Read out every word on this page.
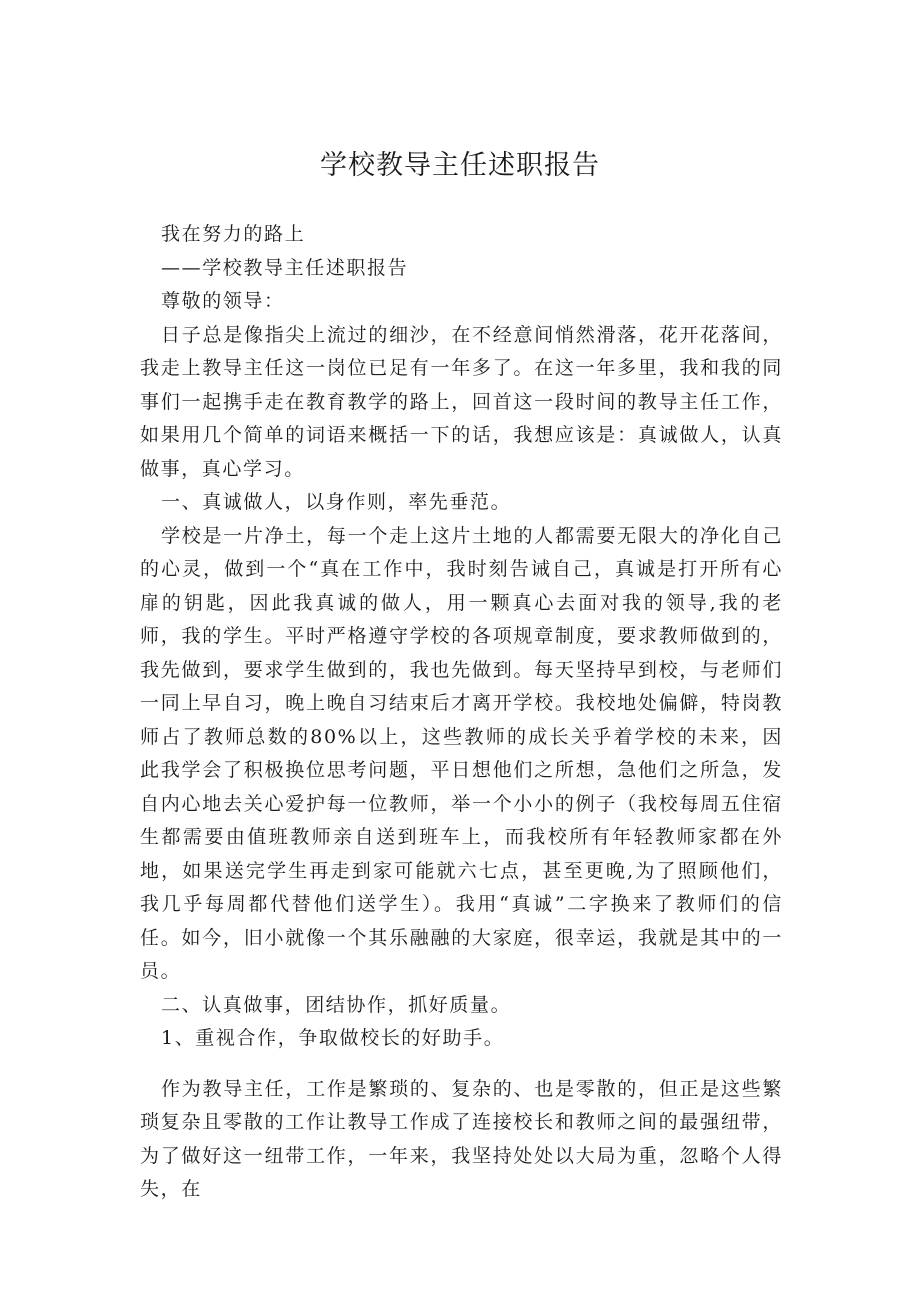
学校教导主任述职报告

我在努力的路上

——学校教导主任述职报告

尊敬的领导：

日子总是像指尖上流过的细沙，在不经意间悄然滑落，花开花落间，我走上教导主任这一岗位已足有一年多了。在这一年多里，我和我的同事们一起携手走在教育教学的路上，回首这一段时间的教导主任工作，如果用几个简单的词语来概括一下的话，我想应该是：真诚做人，认真做事，真心学习。

一、真诚做人，以身作则，率先垂范。

学校是一片净土，每一个走上这片土地的人都需要无限大的净化自己的心灵，做到一个“真在工作中，我时刻告诫自己，真诚是打开所有心扉的钥匙，因此我真诚的做人，用一颗真心去面对我的领导,我的老师，我的学生。平时严格遵守学校的各项规章制度，要求教师做到的，我先做到，要求学生做到的，我也先做到。每天坚持早到校，与老师们一同上早自习，晚上晚自习结束后才离开学校。我校地处偏僻，特岗教师占了教师总数的80%以上，这些教师的成长关乎着学校的未来，因此我学会了积极换位思考问题，平日想他们之所想，急他们之所急，发自内心地去关心爱护每一位教师，举一个小小的例子（我校每周五住宿生都需要由值班教师亲自送到班车上，而我校所有年轻教师家都在外地，如果送完学生再走到家可能就六七点，甚至更晚,为了照顾他们，我几乎每周都代替他们送学生）。我用“真诚”二字换来了教师们的信任。如今，旧小就像一个其乐融融的大家庭，很幸运，我就是其中的一员。

二、认真做事，团结协作，抓好质量。

1、重视合作，争取做校长的好助手。

作为教导主任，工作是繁琐的、复杂的、也是零散的，但正是这些繁琐复杂且零散的工作让教导工作成了连接校长和教师之间的最强纽带，为了做好这一纽带工作，一年来，我坚持处处以大局为重，忽略个人得失，在
